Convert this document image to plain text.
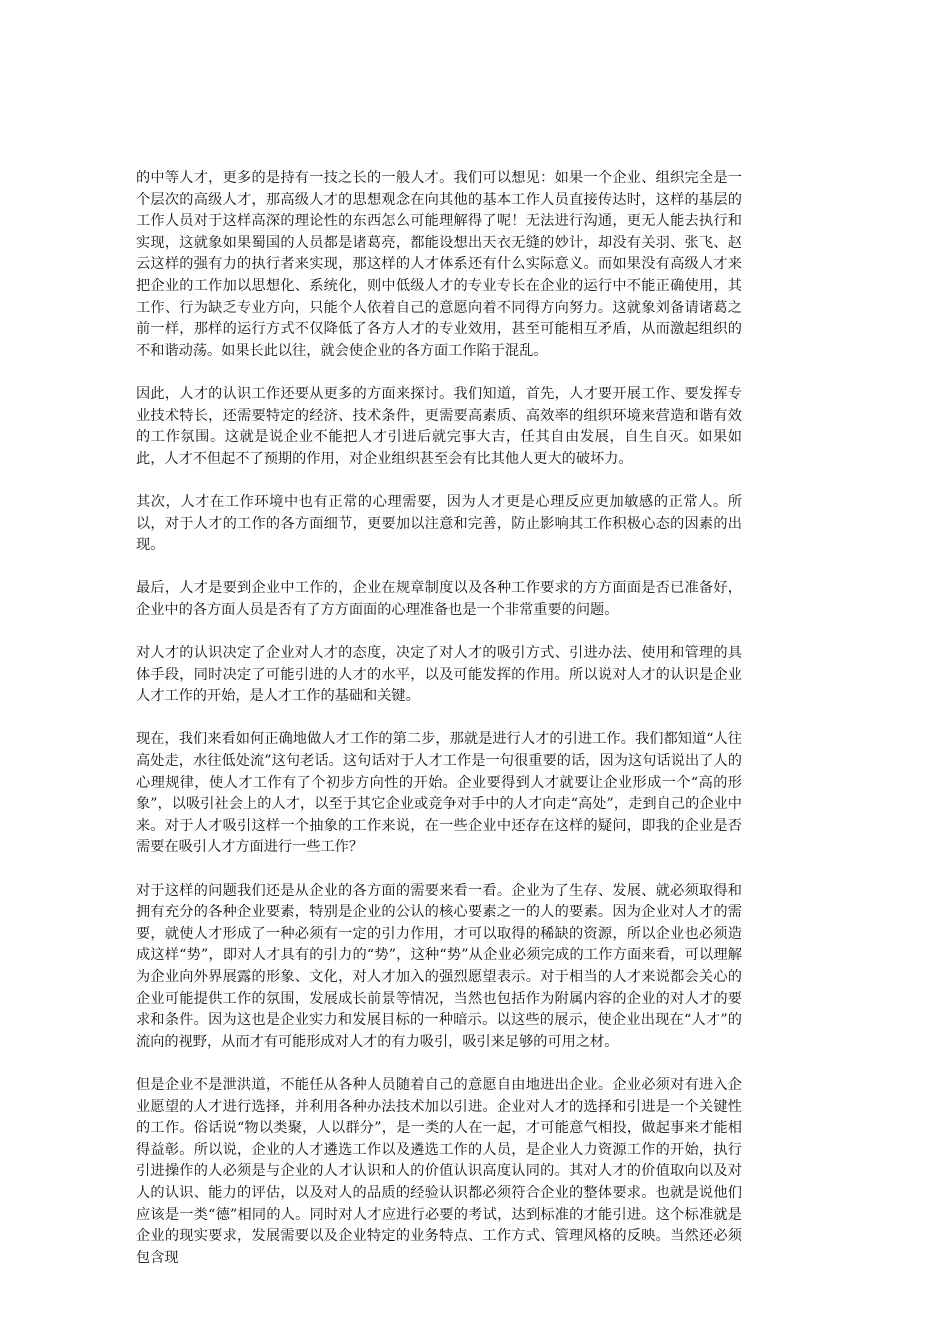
的中等人才，更多的是持有一技之长的一般人才。我们可以想见：如果一个企业、组织完全是一个层次的高级人才，那高级人才的思想观念在向其他的基本工作人员直接传达时，这样的基层的工作人员对于这样高深的理论性的东西怎么可能理解得了呢！无法进行沟通，更无人能去执行和实现，这就象如果蜀国的人员都是诸葛亮，都能设想出天衣无缝的妙计，却没有关羽、张飞、赵云这样的强有力的执行者来实现，那这样的人才体系还有什么实际意义。而如果没有高级人才来把企业的工作加以思想化、系统化，则中低级人才的专业专长在企业的运行中不能正确使用，其工作、行为缺乏专业方向，只能个人依着自己的意愿向着不同得方向努力。这就象刘备请诸葛之前一样，那样的运行方式不仅降低了各方人才的专业效用，甚至可能相互矛盾，从而激起组织的不和谐动荡。如果长此以往，就会使企业的各方面工作陷于混乱。

因此，人才的认识工作还要从更多的方面来探讨。我们知道，首先，人才要开展工作、要发挥专业技术特长，还需要特定的经济、技术条件，更需要高素质、高效率的组织环境来营造和谐有效的工作氛围。这就是说企业不能把人才引进后就完事大吉，任其自由发展，自生自灭。如果如此，人才不但起不了预期的作用，对企业组织甚至会有比其他人更大的破坏力。

其次，人才在工作环境中也有正常的心理需要，因为人才更是心理反应更加敏感的正常人。所以，对于人才的工作的各方面细节，更要加以注意和完善，防止影响其工作积极心态的因素的出现。

最后，人才是要到企业中工作的，企业在规章制度以及各种工作要求的方方面面是否已准备好，企业中的各方面人员是否有了方方面面的心理准备也是一个非常重要的问题。

对人才的认识决定了企业对人才的态度，决定了对人才的吸引方式、引进办法、使用和管理的具体手段，同时决定了可能引进的人才的水平，以及可能发挥的作用。所以说对人才的认识是企业人才工作的开始，是人才工作的基础和关键。

现在，我们来看如何正确地做人才工作的第二步，那就是进行人才的引进工作。我们都知道“人往高处走，水往低处流”这句老话。这句话对于人才工作是一句很重要的话，因为这句话说出了人的心理规律，使人才工作有了个初步方向性的开始。企业要得到人才就要让企业形成一个“高的形象”，以吸引社会上的人才，以至于其它企业或竞争对手中的人才向走“高处”，走到自己的企业中来。对于人才吸引这样一个抽象的工作来说，在一些企业中还存在这样的疑问，即我的企业是否需要在吸引人才方面进行一些工作？

对于这样的问题我们还是从企业的各方面的需要来看一看。企业为了生存、发展、就必须取得和拥有充分的各种企业要素，特别是企业的公认的核心要素之一的人的要素。因为企业对人才的需要，就使人才形成了一种必须有一定的引力作用，才可以取得的稀缺的资源，所以企业也必须造成这样“势”，即对人才具有的引力的“势”，这种“势”从企业必须完成的工作方面来看，可以理解为企业向外界展露的形象、文化，对人才加入的强烈愿望表示。对于相当的人才来说都会关心的企业可能提供工作的氛围，发展成长前景等情况，当然也包括作为附属内容的企业的对人才的要求和条件。因为这也是企业实力和发展目标的一种暗示。以这些的展示，使企业出现在“人才”的流向的视野，从而才有可能形成对人才的有力吸引，吸引来足够的可用之材。

但是企业不是泄洪道，不能任从各种人员随着自己的意愿自由地进出企业。企业必须对有进入企业愿望的人才进行选择，并利用各种办法技术加以引进。企业对人才的选择和引进是一个关键性的工作。俗话说“物以类聚，人以群分”，是一类的人在一起，才可能意气相投，做起事来才能相得益彰。所以说，企业的人才遴选工作以及遴选工作的人员，是企业人力资源工作的开始，执行引进操作的人必须是与企业的人才认识和人的价值认识高度认同的。其对人才的价值取向以及对人的认识、能力的评估，以及对人的品质的经验认识都必须符合企业的整体要求。也就是说他们应该是一类“德”相同的人。同时对人才应进行必要的考试，达到标准的才能引进。这个标准就是企业的现实要求，发展需要以及企业特定的业务特点、工作方式、管理风格的反映。当然还必须包含现
